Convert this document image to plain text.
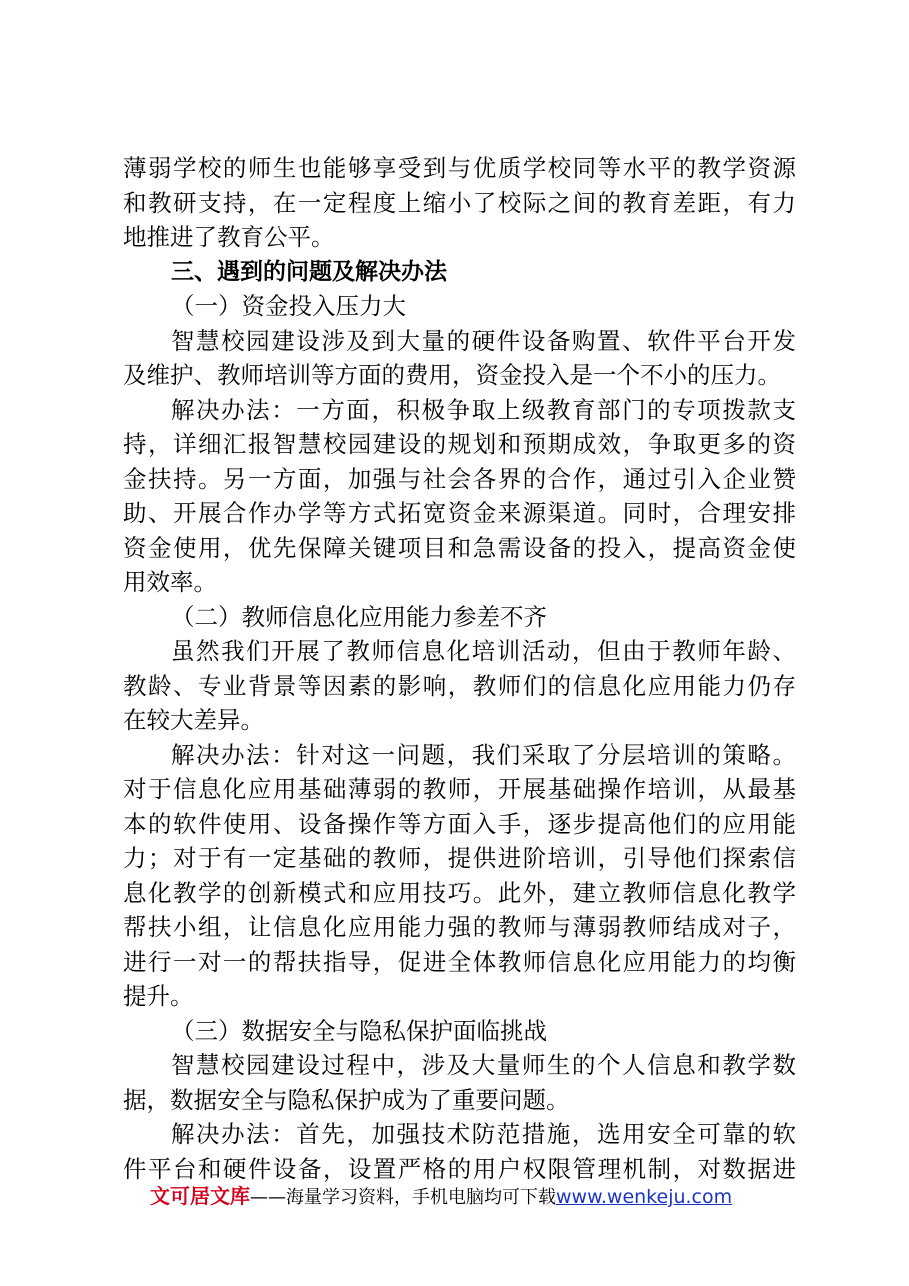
薄弱学校的师生也能够享受到与优质学校同等水平的教学资源
和教研支持，在一定程度上缩小了校际之间的教育差距，有力
地推进了教育公平。
三、遇到的问题及解决办法
（一）资金投入压力大
智慧校园建设涉及到大量的硬件设备购置、软件平台开发
及维护、教师培训等方面的费用，资金投入是一个不小的压力。
解决办法：一方面，积极争取上级教育部门的专项拨款支
持，详细汇报智慧校园建设的规划和预期成效，争取更多的资
金扶持。另一方面，加强与社会各界的合作，通过引入企业赞
助、开展合作办学等方式拓宽资金来源渠道。同时，合理安排
资金使用，优先保障关键项目和急需设备的投入，提高资金使
用效率。
（二）教师信息化应用能力参差不齐
虽然我们开展了教师信息化培训活动，但由于教师年龄、
教龄、专业背景等因素的影响，教师们的信息化应用能力仍存
在较大差异。
解决办法：针对这一问题，我们采取了分层培训的策略。
对于信息化应用基础薄弱的教师，开展基础操作培训，从最基
本的软件使用、设备操作等方面入手，逐步提高他们的应用能
力；对于有一定基础的教师，提供进阶培训，引导他们探索信
息化教学的创新模式和应用技巧。此外，建立教师信息化教学
帮扶小组，让信息化应用能力强的教师与薄弱教师结成对子，
进行一对一的帮扶指导，促进全体教师信息化应用能力的均衡
提升。
（三）数据安全与隐私保护面临挑战
智慧校园建设过程中，涉及大量师生的个人信息和教学数
据，数据安全与隐私保护成为了重要问题。
解决办法：首先，加强技术防范措施，选用安全可靠的软
件平台和硬件设备，设置严格的用户权限管理机制，对数据进
文可居文库——海量学习资料，手机电脑均可下载www.wenkeju.com
